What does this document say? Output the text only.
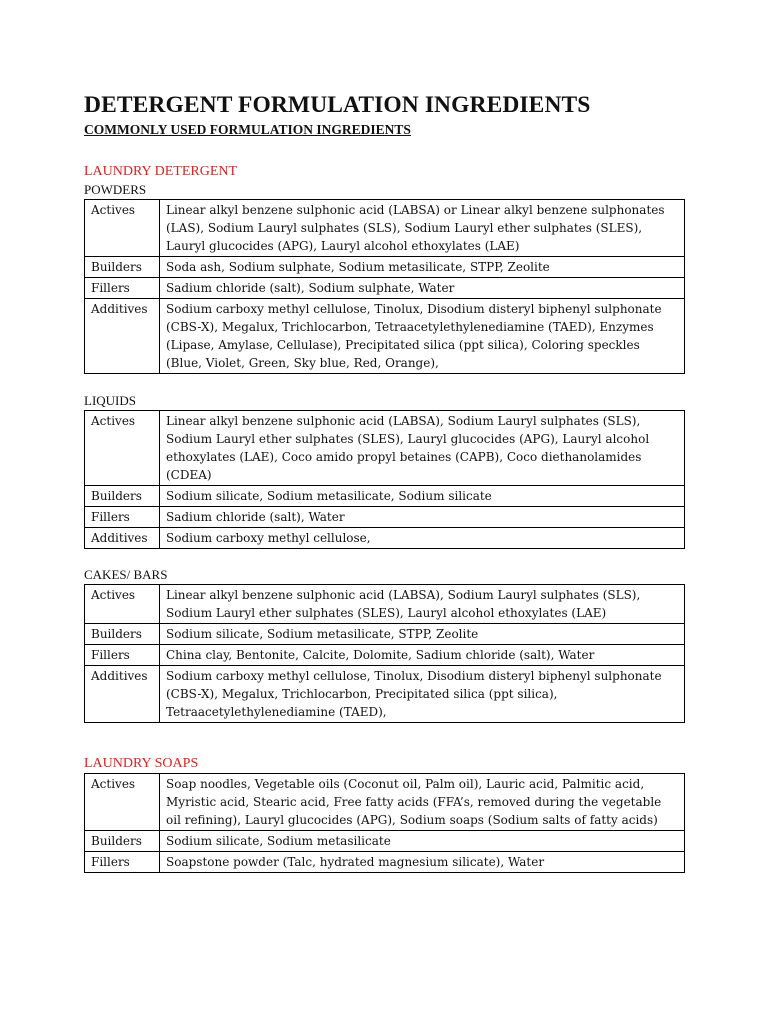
DETERGENT FORMULATION INGREDIENTS
COMMONLY USED FORMULATION INGREDIENTS
LAUNDRY DETERGENT
POWDERS
Actives	Linear alkyl benzene sulphonic acid (LABSA) or Linear alkyl benzene sulphonates (LAS), Sodium Lauryl sulphates (SLS), Sodium Lauryl ether sulphates (SLES), Lauryl glucocides (APG), Lauryl alcohol ethoxylates (LAE)
Builders	Soda ash, Sodium sulphate, Sodium metasilicate, STPP, Zeolite
Fillers	Sadium chloride (salt), Sodium sulphate, Water
Additives	Sodium carboxy methyl cellulose, Tinolux, Disodium disteryl biphenyl sulphonate (CBS-X), Megalux, Trichlocarbon, Tetraacetylethylenediamine (TAED), Enzymes (Lipase, Amylase, Cellulase), Precipitated silica (ppt silica), Coloring speckles (Blue, Violet, Green, Sky blue, Red, Orange),
LIQUIDS
Actives	Linear alkyl benzene sulphonic acid (LABSA), Sodium Lauryl sulphates (SLS), Sodium Lauryl ether sulphates (SLES), Lauryl glucocides (APG), Lauryl alcohol ethoxylates (LAE), Coco amido propyl betaines (CAPB), Coco diethanolamides (CDEA)
Builders	Sodium silicate, Sodium metasilicate, Sodium silicate
Fillers	Sadium chloride (salt), Water
Additives	Sodium carboxy methyl cellulose,
CAKES/ BARS
Actives	Linear alkyl benzene sulphonic acid (LABSA), Sodium Lauryl sulphates (SLS), Sodium Lauryl ether sulphates (SLES), Lauryl alcohol ethoxylates (LAE)
Builders	Sodium silicate, Sodium metasilicate, STPP, Zeolite
Fillers	China clay, Bentonite, Calcite, Dolomite, Sadium chloride (salt), Water
Additives	Sodium carboxy methyl cellulose, Tinolux, Disodium disteryl biphenyl sulphonate (CBS-X), Megalux, Trichlocarbon, Precipitated silica (ppt silica), Tetraacetylethylenediamine (TAED),
LAUNDRY SOAPS
Actives	Soap noodles, Vegetable oils (Coconut oil, Palm oil), Lauric acid, Palmitic acid, Myristic acid, Stearic acid, Free fatty acids (FFA’s, removed during the vegetable oil refining), Lauryl glucocides (APG), Sodium soaps (Sodium salts of fatty acids)
Builders	Sodium silicate, Sodium metasilicate
Fillers	Soapstone powder (Talc, hydrated magnesium silicate), Water
